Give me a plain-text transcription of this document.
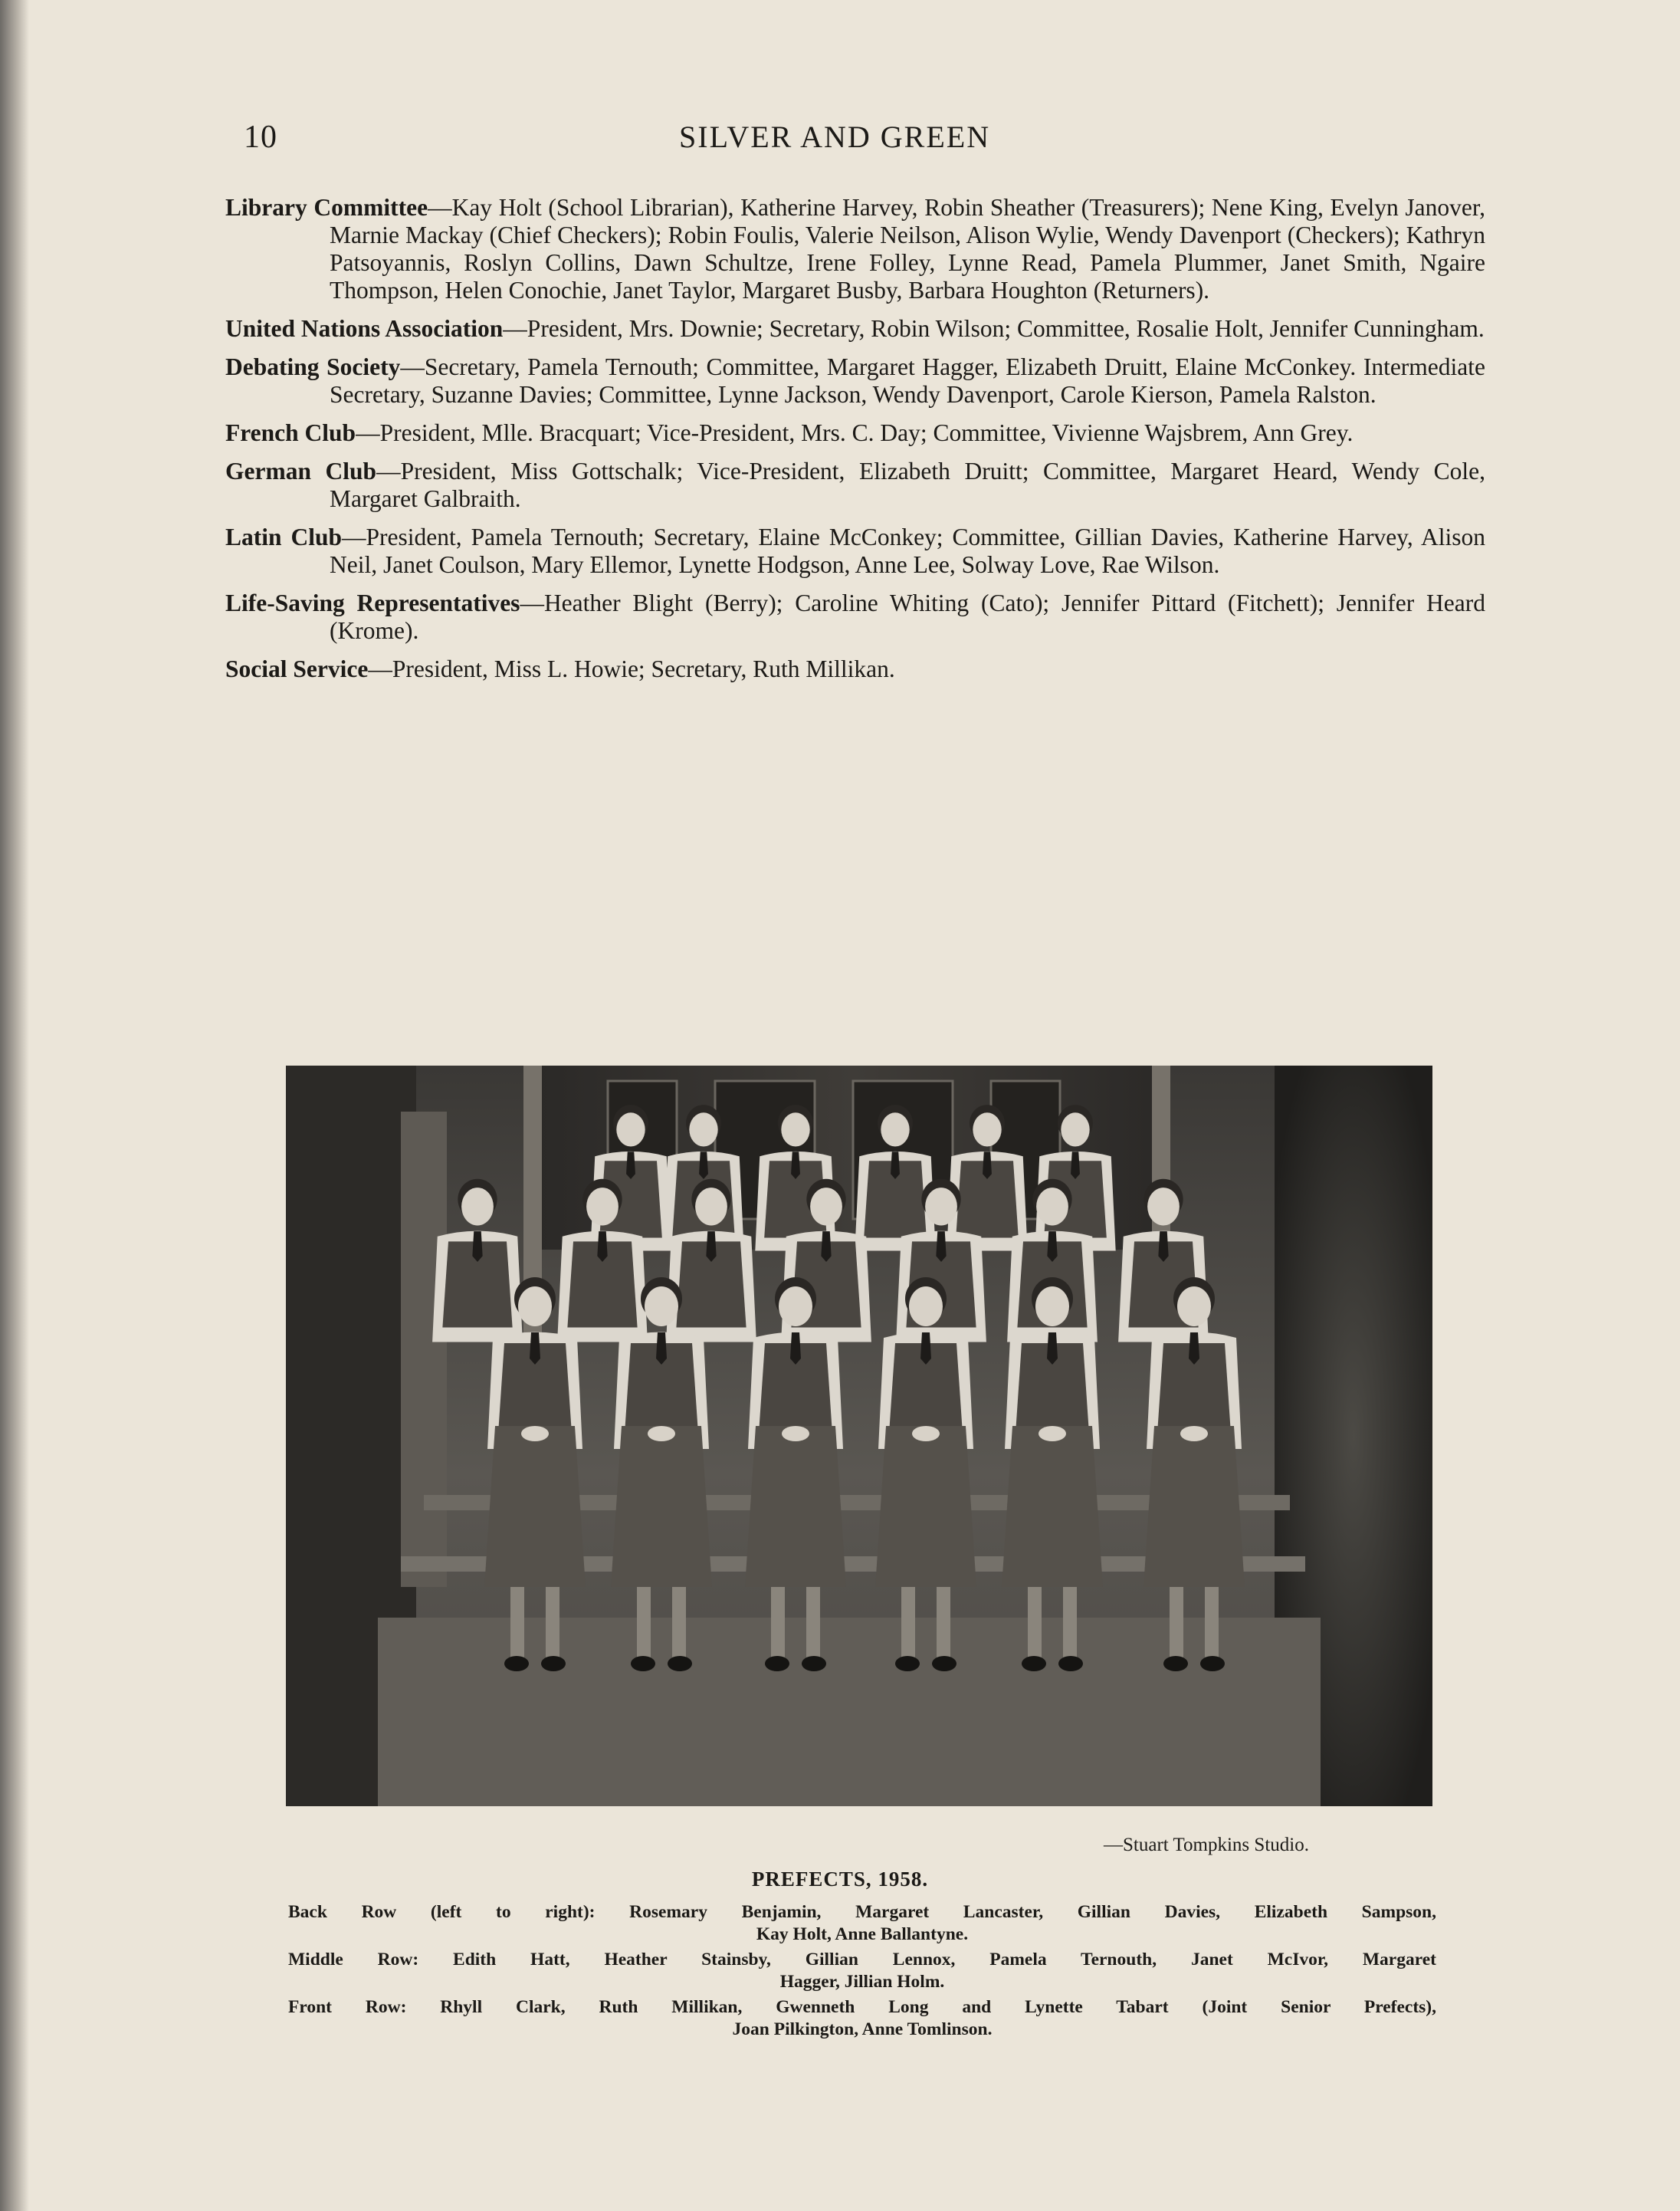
10	SILVER AND GREEN

Library Committee—Kay Holt (School Librarian), Katherine Harvey, Robin Sheather (Treasurers); Nene King, Evelyn Janover, Marnie Mackay (Chief Checkers); Robin Foulis, Valerie Neilson, Alison Wylie, Wendy Davenport (Checkers); Kathryn Patsoyannis, Roslyn Collins, Dawn Schultze, Irene Folley, Lynne Read, Pamela Plummer, Janet Smith, Ngaire Thompson, Helen Conochie, Janet Taylor, Margaret Busby, Barbara Houghton (Returners).

United Nations Association—President, Mrs. Downie; Secretary, Robin Wilson; Committee, Rosalie Holt, Jennifer Cunningham.

Debating Society—Secretary, Pamela Ternouth; Committee, Margaret Hagger, Elizabeth Druitt, Elaine McConkey. Intermediate Secretary, Suzanne Davies; Committee, Lynne Jackson, Wendy Davenport, Carole Kierson, Pamela Ralston.

French Club—President, Mlle. Bracquart; Vice-President, Mrs. C. Day; Committee, Vivienne Wajsbrem, Ann Grey.

German Club—President, Miss Gottschalk; Vice-President, Elizabeth Druitt; Committee, Margaret Heard, Wendy Cole, Margaret Galbraith.

Latin Club—President, Pamela Ternouth; Secretary, Elaine McConkey; Committee, Gillian Davies, Katherine Harvey, Alison Neil, Janet Coulson, Mary Ellemor, Lynette Hodgson, Anne Lee, Solway Love, Rae Wilson.

Life-Saving Representatives—Heather Blight (Berry); Caroline Whiting (Cato); Jennifer Pittard (Fitchett); Jennifer Heard (Krome).

Social Service—President, Miss L. Howie; Secretary, Ruth Millikan.

—Stuart Tompkins Studio.
PREFECTS, 1958.
Back Row (left to right): Rosemary Benjamin, Margaret Lancaster, Gillian Davies, Elizabeth Sampson,
Kay Holt, Anne Ballantyne.
Middle Row: Edith Hatt, Heather Stainsby, Gillian Lennox, Pamela Ternouth, Janet McIvor, Margaret
Hagger, Jillian Holm.
Front Row: Rhyll Clark, Ruth Millikan, Gwenneth Long and Lynette Tabart (Joint Senior Prefects),
Joan Pilkington, Anne Tomlinson.
